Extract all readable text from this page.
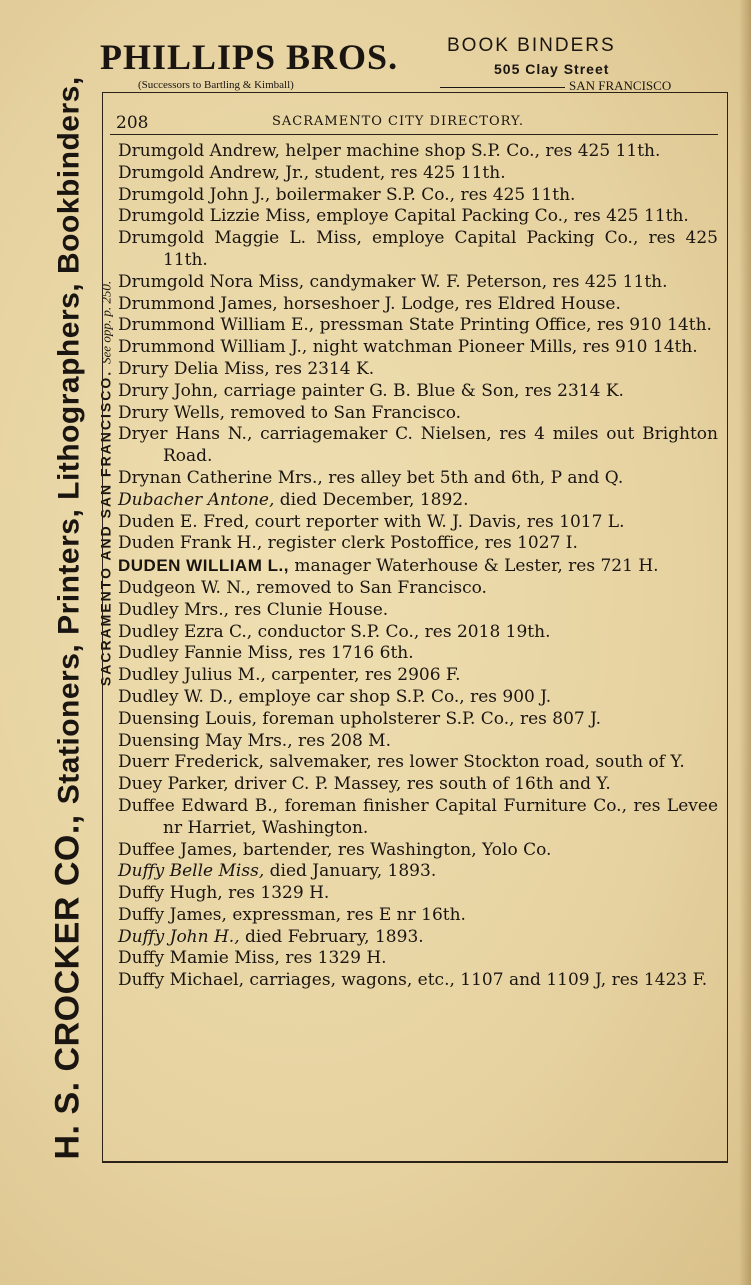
PHILLIPS BROS.
(Successors to Bartling & Kimball)
BOOK BINDERS
505 Clay Street
SAN FRANCISCO
H. S. CROCKER CO., Stationers, Printers, Lithographers, Bookbinders, SACRAMENTO AND SAN FRANCISCO. See opp. p. 250.
208	SACRAMENTO CITY DIRECTORY.
Drumgold Andrew, helper machine shop S.P. Co., res 425 11th.
Drumgold Andrew, Jr., student, res 425 11th.
Drumgold John J., boilermaker S.P. Co., res 425 11th.
Drumgold Lizzie Miss, employe Capital Packing Co., res 425 11th.
Drumgold Maggie L. Miss, employe Capital Packing Co., res 425 11th.
Drumgold Nora Miss, candymaker W. F. Peterson, res 425 11th.
Drummond James, horseshoer J. Lodge, res Eldred House.
Drummond William E., pressman State Printing Office, res 910 14th.
Drummond William J., night watchman Pioneer Mills, res 910 14th.
Drury Delia Miss, res 2314 K.
Drury John, carriage painter G. B. Blue & Son, res 2314 K.
Drury Wells, removed to San Francisco.
Dryer Hans N., carriagemaker C. Nielsen, res 4 miles out Brighton Road.
Drynan Catherine Mrs., res alley bet 5th and 6th, P and Q.
Dubacher Antone, died December, 1892.
Duden E. Fred, court reporter with W. J. Davis, res 1017 L.
Duden Frank H., register clerk Postoffice, res 1027 I.
DUDEN WILLIAM L., manager Waterhouse & Lester, res 721 H.
Dudgeon W. N., removed to San Francisco.
Dudley Mrs., res Clunie House.
Dudley Ezra C., conductor S.P. Co., res 2018 19th.
Dudley Fannie Miss, res 1716 6th.
Dudley Julius M., carpenter, res 2906 F.
Dudley W. D., employe car shop S.P. Co., res 900 J.
Duensing Louis, foreman upholsterer S.P. Co., res 807 J.
Duensing May Mrs., res 208 M.
Duerr Frederick, salvemaker, res lower Stockton road, south of Y.
Duey Parker, driver C. P. Massey, res south of 16th and Y.
Duffee Edward B., foreman finisher Capital Furniture Co., res Levee nr Harriet, Washington.
Duffee James, bartender, res Washington, Yolo Co.
Duffy Belle Miss, died January, 1893.
Duffy Hugh, res 1329 H.
Duffy James, expressman, res E nr 16th.
Duffy John H., died February, 1893.
Duffy Mamie Miss, res 1329 H.
Duffy Michael, carriages, wagons, etc., 1107 and 1109 J, res 1423 F.
